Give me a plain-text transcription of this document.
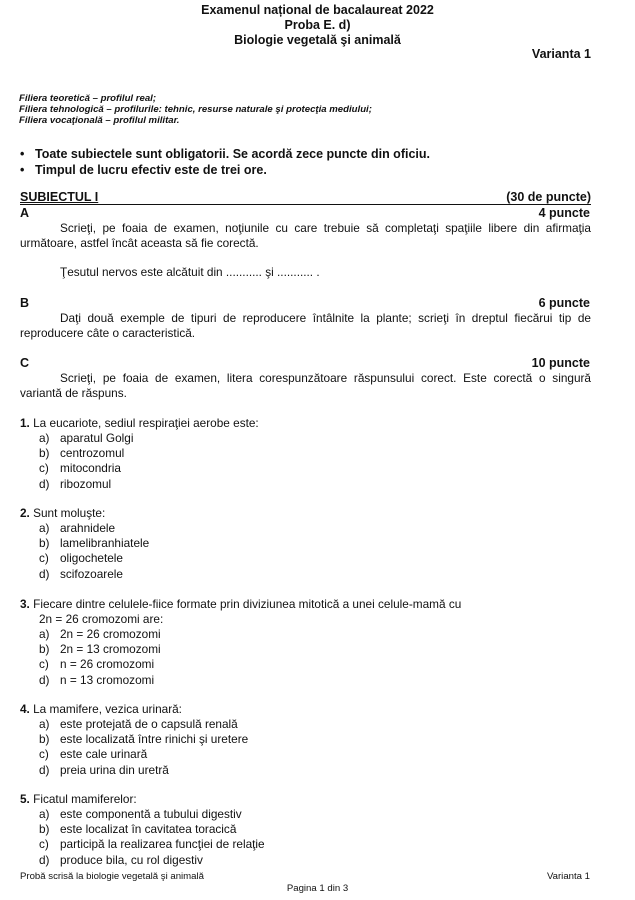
Examenul național de bacalaureat 2022
Proba E. d)
Biologie vegetală şi animală
Varianta 1
Filiera teoretică – profilul real;
Filiera tehnologică – profilurile: tehnic, resurse naturale şi protecţia mediului;
Filiera vocaţională – profilul militar.
• Toate subiectele sunt obligatorii. Se acordă zece puncte din oficiu.
• Timpul de lucru efectiv este de trei ore.
SUBIECTUL I	(30 de puncte)
A	4 puncte
Scrieţi, pe foaia de examen, noţiunile cu care trebuie să completaţi spaţiile libere din afirmaţia următoare, astfel încât aceasta să fie corectă.
Ţesutul nervos este alcătuit din ........... şi ........... .
B	6 puncte
Daţi două exemple de tipuri de reproducere întâlnite la plante; scrieţi în dreptul fiecărui tip de reproducere câte o caracteristică.
C	10 puncte
Scrieţi, pe foaia de examen, litera corespunzătoare răspunsului corect. Este corectă o singură variantă de răspuns.
1. La eucariote, sediul respiraţiei aerobe este:
a) aparatul Golgi
b) centrozomul
c) mitocondria
d) ribozomul
2. Sunt moluşte:
a) arahnidele
b) lamelibranhiatele
c) oligochetele
d) scifozoarele
3. Fiecare dintre celulele-fiice formate prin diviziunea mitotică a unei celule-mamă cu
2n = 26 cromozomi are:
a) 2n = 26 cromozomi
b) 2n = 13 cromozomi
c) n = 26 cromozomi
d) n = 13 cromozomi
4. La mamifere, vezica urinară:
a) este protejată de o capsulă renală
b) este localizată între rinichi şi uretere
c) este cale urinară
d) preia urina din uretră
5. Ficatul mamiferelor:
a) este componentă a tubului digestiv
b) este localizat în cavitatea toracică
c) participă la realizarea funcţiei de relaţie
d) produce bila, cu rol digestiv
Probă scrisă la biologie vegetală şi animală	Varianta 1
Pagina 1 din 3
